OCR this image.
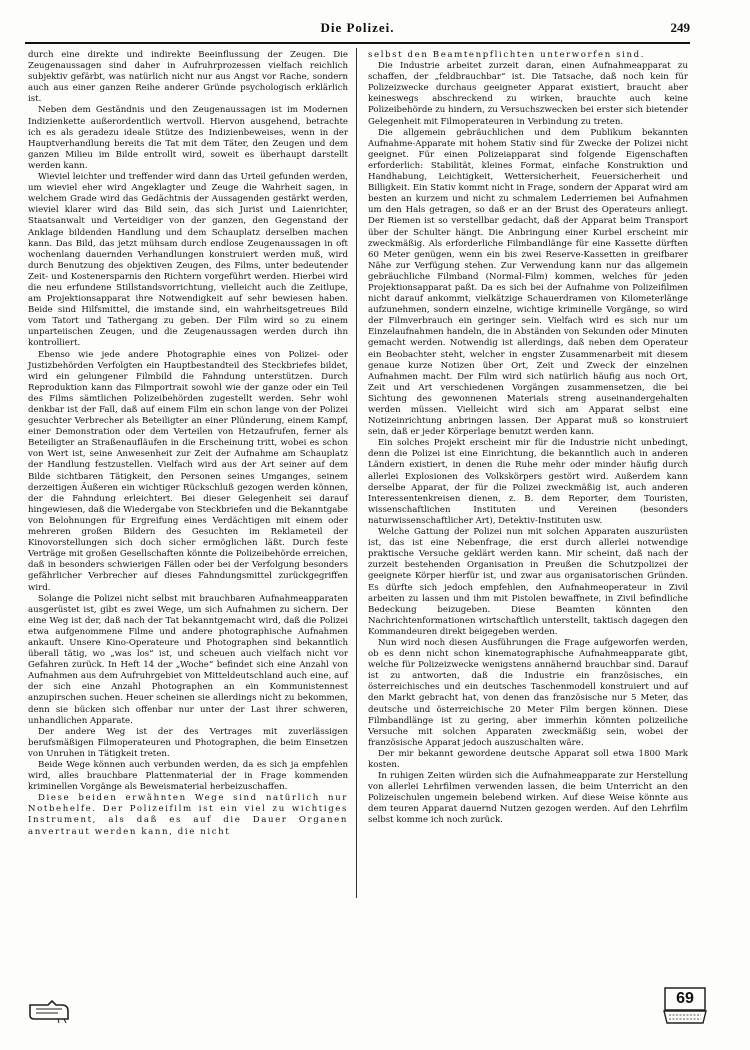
Die Polizei.	249

durch eine direkte und indirekte Beeinflussung der Zeugen. Die Zeugenaussagen sind daher in Aufruhrprozessen vielfach reichlich subjektiv gefärbt, was natürlich nicht nur aus Angst vor Rache, sondern auch aus einer ganzen Reihe anderer Gründe psychologisch erklärlich ist.

Neben dem Geständnis und den Zeugenaussagen ist im Modernen Indizienkette außerordentlich wertvoll. Hiervon ausgehend, betrachte ich es als geradezu ideale Stütze des Indizienbeweises, wenn in der Hauptverhandlung bereits die Tat mit dem Täter, den Zeugen und dem ganzen Milieu im Bilde entrollt wird, soweit es überhaupt darstellt werden kann.

Wieviel leichter und treffender wird dann das Urteil gefunden werden, um wieviel eher wird Angeklagter und Zeuge die Wahrheit sagen, in welchem Grade wird das Gedächtnis der Aussagenden gestärkt werden, wieviel klarer wird das Bild sein, das sich Jurist und Laienrichter, Staatsanwalt und Verteidiger von der ganzen, den Gegenstand der Anklage bildenden Handlung und dem Schauplatz derselben machen kann. Das Bild, das jetzt mühsam durch endlose Zeugenaussagen in oft wochenlang dauernden Verhandlungen konstruiert werden muß, wird durch Benutzung des objektiven Zeugen, des Films, unter bedeutender Zeit- und Kostenersparnis den Richtern vorgeführt werden. Hierbei wird die neu erfundene Stillstandsvorrichtung, vielleicht auch die Zeitlupe, am Projektionsapparat ihre Notwendigkeit auf sehr bewiesen haben. Beide sind Hilfsmittel, die imstande sind, ein wahrheitsgetreues Bild vom Tatort und Tathergang zu geben. Der Film wird so zu einem unparteiischen Zeugen, und die Zeugenaussagen werden durch ihn kontrolliert.

Ebenso wie jede andere Photographie eines von Polizei- oder Justizbehörden Verfolgten ein Hauptbestandteil des Steckbriefes bildet, wird ein gelungener Filmbild die Fahndung unterstützen. Durch Reproduktion kann das Filmportrait sowohl wie der ganze oder ein Teil des Films sämtlichen Polizeibehörden zugestellt werden. Sehr wohl denkbar ist der Fall, daß auf einem Film ein schon lange von der Polizei gesuchter Verbrecher als Beteiligter an einer Plünderung, einem Kampf, einer Demonstration oder dem Verteilen von Hetzaufrufen, ferner als Beteiligter an Straßenaufläufen in die Erscheinung tritt, wobei es schon von Wert ist, seine Anwesenheit zur Zeit der Aufnahme am Schauplatz der Handlung festzustellen. Vielfach wird aus der Art seiner auf dem Bilde sichtbaren Tätigkeit, den Personen seines Umganges, seinem derzeitigen Äußeren ein wichtiger Rückschluß gezogen werden können, der die Fahndung erleichtert. Bei dieser Gelegenheit sei darauf hingewiesen, daß die Wiedergabe von Steckbriefen und die Bekanntgabe von Belohnungen für Ergreifung eines Verdächtigen mit einem oder mehreren großen Bildern des Gesuchten im Reklameteil der Kinovorstellungen sich doch sicher ermöglichen läßt. Durch feste Verträge mit großen Gesellschaften könnte die Polizeibehörde erreichen, daß in besonders schwierigen Fällen oder bei der Verfolgung besonders gefährlicher Verbrecher auf dieses Fahndungsmittel zurückgegriffen wird.

Solange die Polizei nicht selbst mit brauchbaren Aufnahmeapparaten ausgerüstet ist, gibt es zwei Wege, um sich Aufnahmen zu sichern. Der eine Weg ist der, daß nach der Tat bekanntgemacht wird, daß die Polizei etwa aufgenommene Filme und andere photographische Aufnahmen ankauft. Unsere Kino-Operateure und Photographen sind bekanntlich überall tätig, wo „was los“ ist, und scheuen auch vielfach nicht vor Gefahren zurück. In Heft 14 der „Woche“ befindet sich eine Anzahl von Aufnahmen aus dem Aufruhrgebiet von Mitteldeutschland auch eine, auf der sich eine Anzahl Photographen an ein Kommunistennest anzupirschen suchen. Heuer scheinen sie allerdings nicht zu bekommen, denn sie bücken sich offenbar nur unter der Last ihrer schweren, unhandlichen Apparate.

Der andere Weg ist der des Vertrages mit zuverlässigen berufsmäßigen Filmoperateuren und Photographen, die beim Einsetzen von Unruhen in Tätigkeit treten.

Beide Wege können auch verbunden werden, da es sich ja empfehlen wird, alles brauchbare Plattenmaterial der in Frage kommenden kriminellen Vorgänge als Beweismaterial herbeizuschaffen.

Diese beiden erwähnten Wege sind natürlich nur Notbehelfe. Der Polizeifilm ist ein viel zu wichtiges Instrument, als daß es auf die Dauer Organen anvertraut werden kann, die nicht

selbst den Beamtenpflichten unterworfen sind.

Die Industrie arbeitet zurzeit daran, einen Aufnahmeapparat zu schaffen, der „feldbrauchbar“ ist. Die Tatsache, daß noch kein für Polizeizwecke durchaus geeigneter Apparat existiert, braucht aber keineswegs abschreckend zu wirken, brauchte auch keine Polizeibehörde zu hindern, zu Versuchszwecken bei erster sich bietender Gelegenheit mit Filmoperateuren in Verbindung zu treten.

Die allgemein gebräuchlichen und dem Publikum bekannten Aufnahme-Apparate mit hohem Stativ sind für Zwecke der Polizei nicht geeignet. Für einen Polizeiapparat sind folgende Eigenschaften erforderlich: Stabilität, kleines Format, einfache Konstruktion und Handhabung, Leichtigkeit, Wettersicherheit, Feuersicherheit und Billigkeit. Ein Stativ kommt nicht in Frage, sondern der Apparat wird am besten an kurzem und nicht zu schmalem Lederriemen bei Aufnahmen um den Hals getragen, so daß er an der Brust des Operateurs anliegt. Der Riemen ist so verstellbar gedacht, daß der Apparat beim Transport über der Schulter hängt. Die Anbringung einer Kurbel erscheint mir zweckmäßig. Als erforderliche Filmbandlänge für eine Kassette dürften 60 Meter genügen, wenn ein bis zwei Reserve-Kassetten in greifbarer Nähe zur Verfügung stehen. Zur Verwendung kann nur das allgemein gebräuchliche Filmband (Normal-Film) kommen, welches für jeden Projektionsapparat paßt. Da es sich bei der Aufnahme von Polizeifilmen nicht darauf ankommt, vielkätzige Schauerdramen von Kilometerlänge aufzunehmen, sondern einzelne, wichtige kriminelle Vorgänge, so wird der Filmverbrauch ein geringer sein. Vielfach wird es sich nur um Einzelaufnahmen handeln, die in Abständen von Sekunden oder Minuten gemacht werden. Notwendig ist allerdings, daß neben dem Operateur ein Beobachter steht, welcher in engster Zusammenarbeit mit diesem genaue kurze Notizen über Ort, Zeit und Zweck der einzelnen Aufnahmen macht. Der Film wird sich natürlich häufig aus noch Ort, Zeit und Art verschiedenen Vorgängen zusammensetzen, die bei Sichtung des gewonnenen Materials streng auseinandergehalten werden müssen. Vielleicht wird sich am Apparat selbst eine Notizeinrichtung anbringen lassen. Der Apparat muß so konstruiert sein, daß er jeder Körperlage benutzt werden kann.

Ein solches Projekt erscheint mir für die Industrie nicht unbedingt, denn die Polizei ist eine Einrichtung, die bekanntlich auch in anderen Ländern existiert, in denen die Ruhe mehr oder minder häufig durch allerlei Explosionen des Volkskörpers gestört wird. Außerdem kann derselbe Apparat, der für die Polizei zweckmäßig ist, auch anderen Interessentenkreisen dienen, z. B. dem Reporter, dem Touristen, wissenschaftlichen Instituten und Vereinen (besonders naturwissenschaftlicher Art), Detektiv-Instituten usw.

Welche Gattung der Polizei nun mit solchen Apparaten auszurüsten ist, das ist eine Nebenfrage, die erst durch allerlei notwendige praktische Versuche geklärt werden kann. Mir scheint, daß nach der zurzeit bestehenden Organisation in Preußen die Schutzpolizei der geeignete Körper hierfür ist, und zwar aus organisatorischen Gründen. Es dürfte sich jedoch empfehlen, den Aufnahmeoperateur in Zivil arbeiten zu lassen und ihm mit Pistolen bewaffnete, in Zivil befindliche Bedeckung beizugeben. Diese Beamten könnten den Nachrichtenformationen wirtschaftlich unterstellt, taktisch dagegen den Kommandeuren direkt beigegeben werden.

Nun wird noch diesen Ausführungen die Frage aufgeworfen werden, ob es denn nicht schon kinematographische Aufnahmeapparate gibt, welche für Polizeizwecke wenigstens annähernd brauchbar sind. Darauf ist zu antworten, daß die Industrie ein französisches, ein österreichisches und ein deutsches Taschenmodell konstruiert und auf den Markt gebracht hat, von denen das französische nur 5 Meter, das deutsche und österreichische 20 Meter Film bergen können. Diese Filmbandlänge ist zu gering, aber immerhin könnten polizeiliche Versuche mit solchen Apparaten zweckmäßig sein, wobei der französische Apparat jedoch auszuschalten wäre.

Der mir bekannt gewordene deutsche Apparat soll etwa 1800 Mark kosten.

In ruhigen Zeiten würden sich die Aufnahmeapparate zur Herstellung von allerlei Lehrfilmen verwenden lassen, die beim Unterricht an den Polizeischulen ungemein belebend wirken. Auf diese Weise könnte aus dem teuren Apparat dauernd Nutzen gezogen werden. Auf den Lehrfilm selbst komme ich noch zurück.

69
